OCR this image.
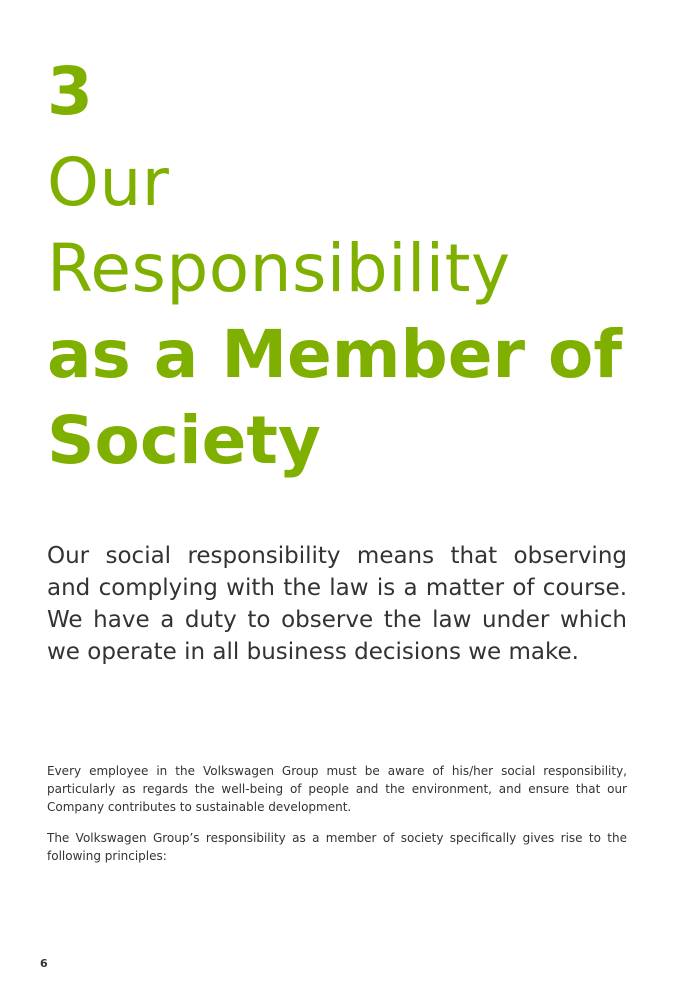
3
Our
Responsibility
as a Member of
Society

Our social responsibility means that observing and complying with the law is a matter of course. We have a duty to observe the law under which we operate in all business decisions we make.

Every employee in the Volkswagen Group must be aware of his/her social responsibility, particularly as regards the well-being of people and the environment, and ensure that our Company contributes to sustainable development.

The Volkswagen Group’s responsibility as a member of society specifically gives rise to the following principles:

6
